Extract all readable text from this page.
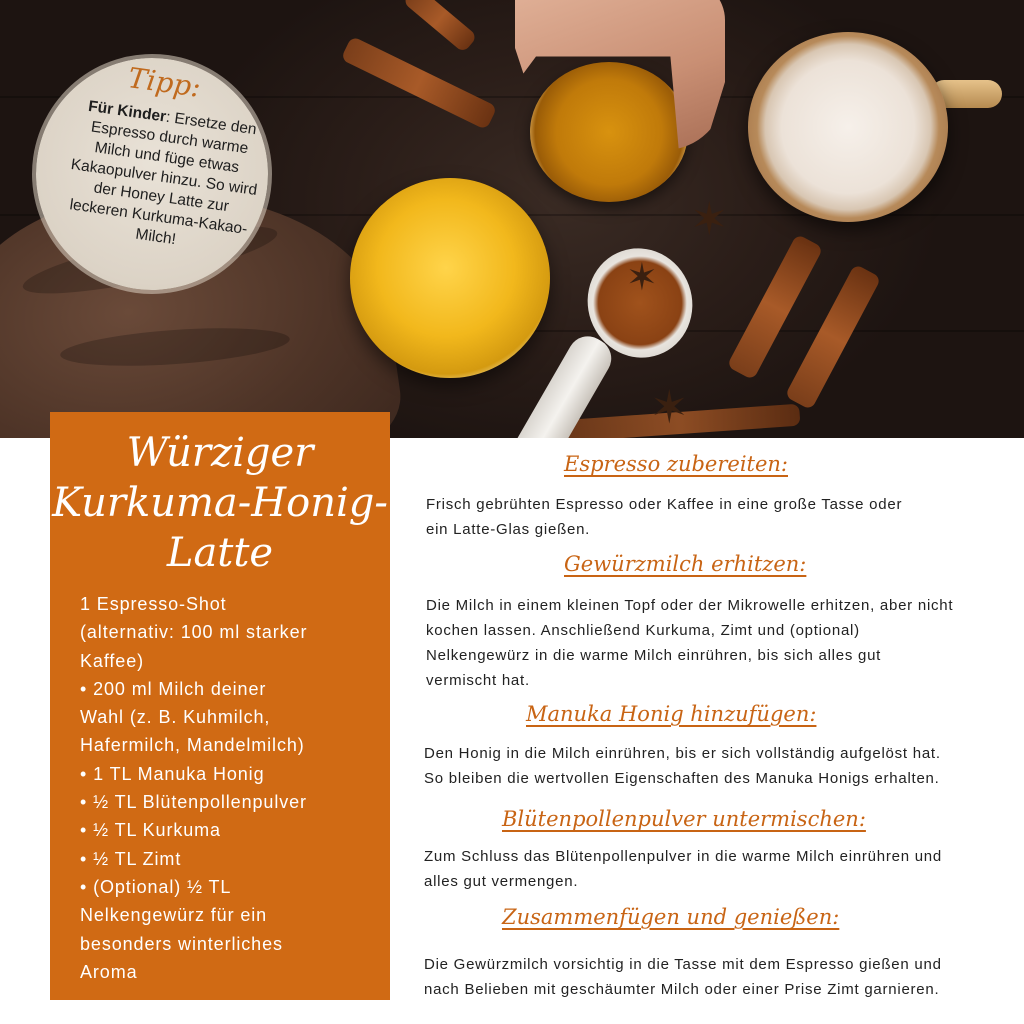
✶
✶
✶
Tipp:
Für Kinder: Ersetze den Espresso durch warme Milch und füge etwas Kakaopulver hinzu. So wird der Honey Latte zur leckeren Kurkuma-Kakao-Milch!
Würziger
Kurkuma-Honig-
Latte
1 Espresso-Shot
(alternativ: 100 ml starker
Kaffee)
• 200 ml Milch deiner
Wahl (z. B. Kuhmilch,
Hafermilch, Mandelmilch)
• 1 TL Manuka Honig
• ½ TL Blütenpollenpulver
• ½ TL Kurkuma
• ½ TL Zimt
• (Optional) ½ TL
Nelkengewürz für ein
besonders winterliches
Aroma
Espresso zubereiten:
Frisch gebrühten Espresso oder Kaffee in eine große Tasse oder
ein Latte-Glas gießen.
Gewürzmilch erhitzen:
Die Milch in einem kleinen Topf oder der Mikrowelle erhitzen, aber nicht
kochen lassen. Anschließend Kurkuma, Zimt und (optional)
Nelkengewürz in die warme Milch einrühren, bis sich alles gut
vermischt hat.
Manuka Honig hinzufügen:
Den Honig in die Milch einrühren, bis er sich vollständig aufgelöst hat.
So bleiben die wertvollen Eigenschaften des Manuka Honigs erhalten.
Blütenpollenpulver untermischen:
Zum Schluss das Blütenpollenpulver in die warme Milch einrühren und
alles gut vermengen.
Zusammenfügen und genießen:
Die Gewürzmilch vorsichtig in die Tasse mit dem Espresso gießen und
nach Belieben mit geschäumter Milch oder einer Prise Zimt garnieren.
